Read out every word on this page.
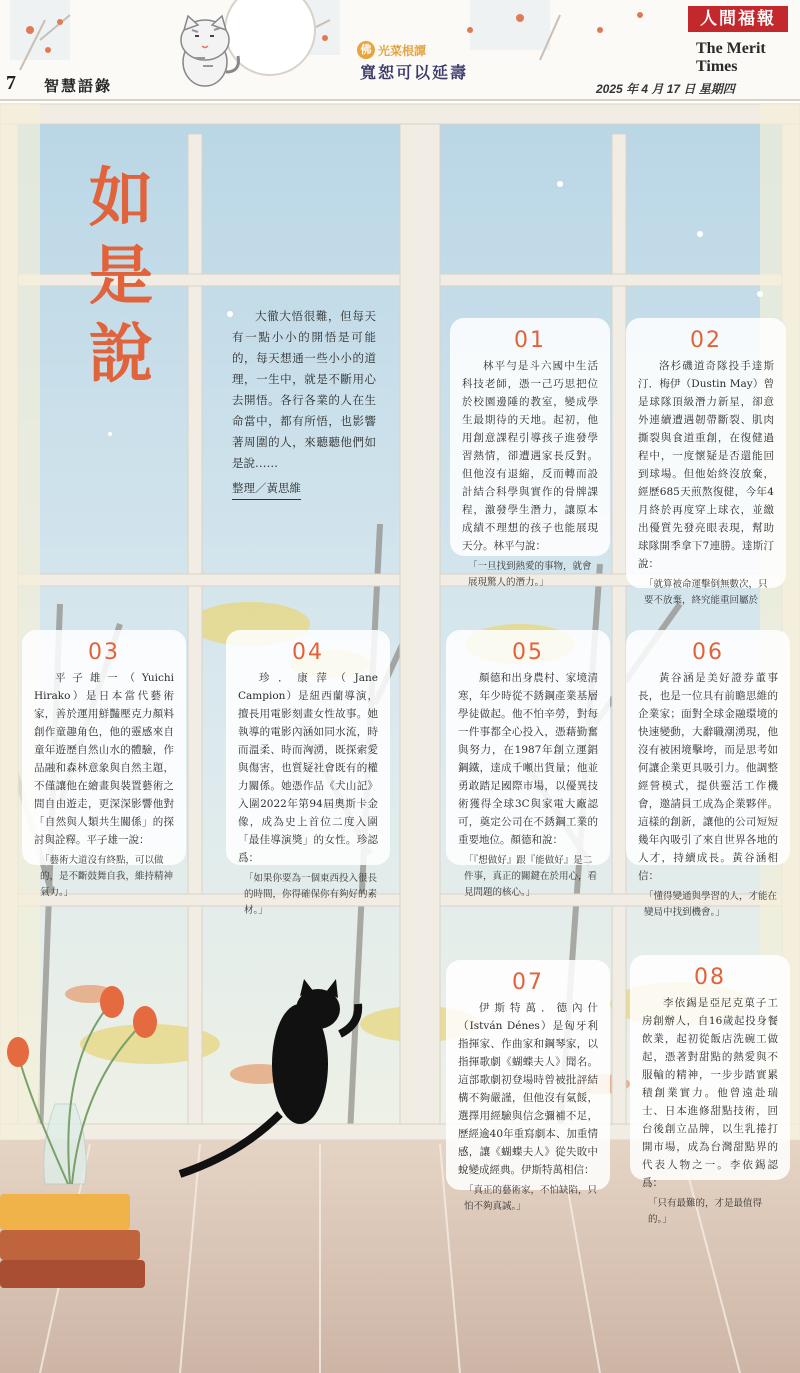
7 智慧語錄
佛 光菜根譚
寬恕可以延壽
人間福報
The Merit Times
2025 年 4 月 17 日 星期四
如是說

大徹大悟很難，但每天有一點小小的開悟是可能的，每天想通一些小小的道理，一生中，就是不斷用心去開悟。各行各業的人在生命當中，都有所悟，也影響著周圍的人，來聽聽他們如是說……

整理／黃思維
01

林平勻是斗六國中生活科技老師，憑一己巧思把位於校園邊陲的教室，變成學生最期待的天地。起初，他用創意課程引導孩子進發學習熱情，卻遭遇家長反對。但他沒有退縮，反而轉而設計結合科學與實作的骨牌課程，激發學生潛力，讓原本成績不理想的孩子也能展現天分。林平勻說：

「一旦找到熱愛的事物，就會展現驚人的潛力。」

02

洛杉磯道奇隊投手達斯汀．梅伊（Dustin May）曾是球隊頂級潛力新星，卻意外連續遭遇韌帶斷裂、肌肉撕裂與食道重創，在復健過程中，一度懷疑是否還能回到球場。但他始終沒放棄，經歷685天煎熬復健，今年4月終於再度穿上球衣，並繳出優質先發亮眼表現，幫助球隊開季拿下7連勝。達斯汀說：

「就算被命運擊倒無數次，只要不放棄，終究能重回屬於

03

平子雄一（Yuichi Hirako）是日本當代藝術家，善於運用鮮豔壓克力顏料創作童趣角色，他的靈感來自童年遊歷自然山水的體驗，作品融和森林意象與自然主題，不僅讓他在繪畫與裝置藝術之間自由遊走，更深深影響他對「自然與人類共生關係」的探討與詮釋。平子雄一說：

「藝術大道沒有終點，可以做的，是不斷鼓舞自我，維持精神氣力。」

04

珍．康萍（Jane Campion）是紐西蘭導演，擅長用電影刻畫女性故事。她執導的電影內涵如同水流，時而溫柔、時而洶湧，既探索愛與傷害，也質疑社會既有的權力關係。她憑作品《犬山記》入圍2022年第94屆奧斯卡金像，成為史上首位二度入圍「最佳導演獎」的女性。珍認爲：

「如果你要為一個東西投入很長的時間，你得確保你有夠好的素材。」

05

顏德和出身農村、家境清寒，年少時從不銹鋼產業基層學徒做起。他不怕辛勞，對每一件事都全心投入，憑藉勤奮與努力，在1987年創立運錩鋼鐵，達成千噸出貨量；他並勇敢踏足國際市場，以優異技術獲得全球3C與家電大廠認可，奠定公司在不銹鋼工業的重要地位。顏德和說：

「『想做好』跟『能做好』是二件事，真正的關鍵在於用心，看見問題的核心。」

06

黃谷涵是美好證券董事長，也是一位具有前瞻思維的企業家；面對全球金融環境的快速變動，大辭職潮湧現，他沒有被困境擊垮，而是思考如何讓企業更具吸引力。他調整經營模式，提供靈活工作機會，邀請員工成為企業夥伴。這樣的創新，讓他的公司短短幾年內吸引了來自世界各地的人才，持續成長。黃谷涵相信：

「懂得變通與學習的人，才能在變局中找到機會。」

07

伊斯特萬．德內什（István Dénes）是匈牙利指揮家、作曲家和鋼琴家，以指揮歌劇《蝴蝶夫人》聞名。這部歌劇初登場時曾被批評結構不夠嚴謹，但他沒有氣餒，選擇用經驗與信念彌補不足，歷經逾40年重寫劇本、加重情感，讓《蝴蝶夫人》從失敗中蛻變成經典。伊斯特萬相信：

「真正的藝術家，不怕缺陷，只怕不夠真誠。」

08

李依錫是亞尼克菓子工房創辦人，自16歲起投身餐飲業，起初從飯店洗碗工做起，憑著對甜點的熱愛與不服輸的精神，一步步踏實累積創業實力。他曾遠赴瑞士、日本進修甜點技術，回台後創立品牌，以生乳捲打開市場，成為台灣甜點界的代表人物之一。李依錫認爲：

「只有最難的，才是最值得的。」
